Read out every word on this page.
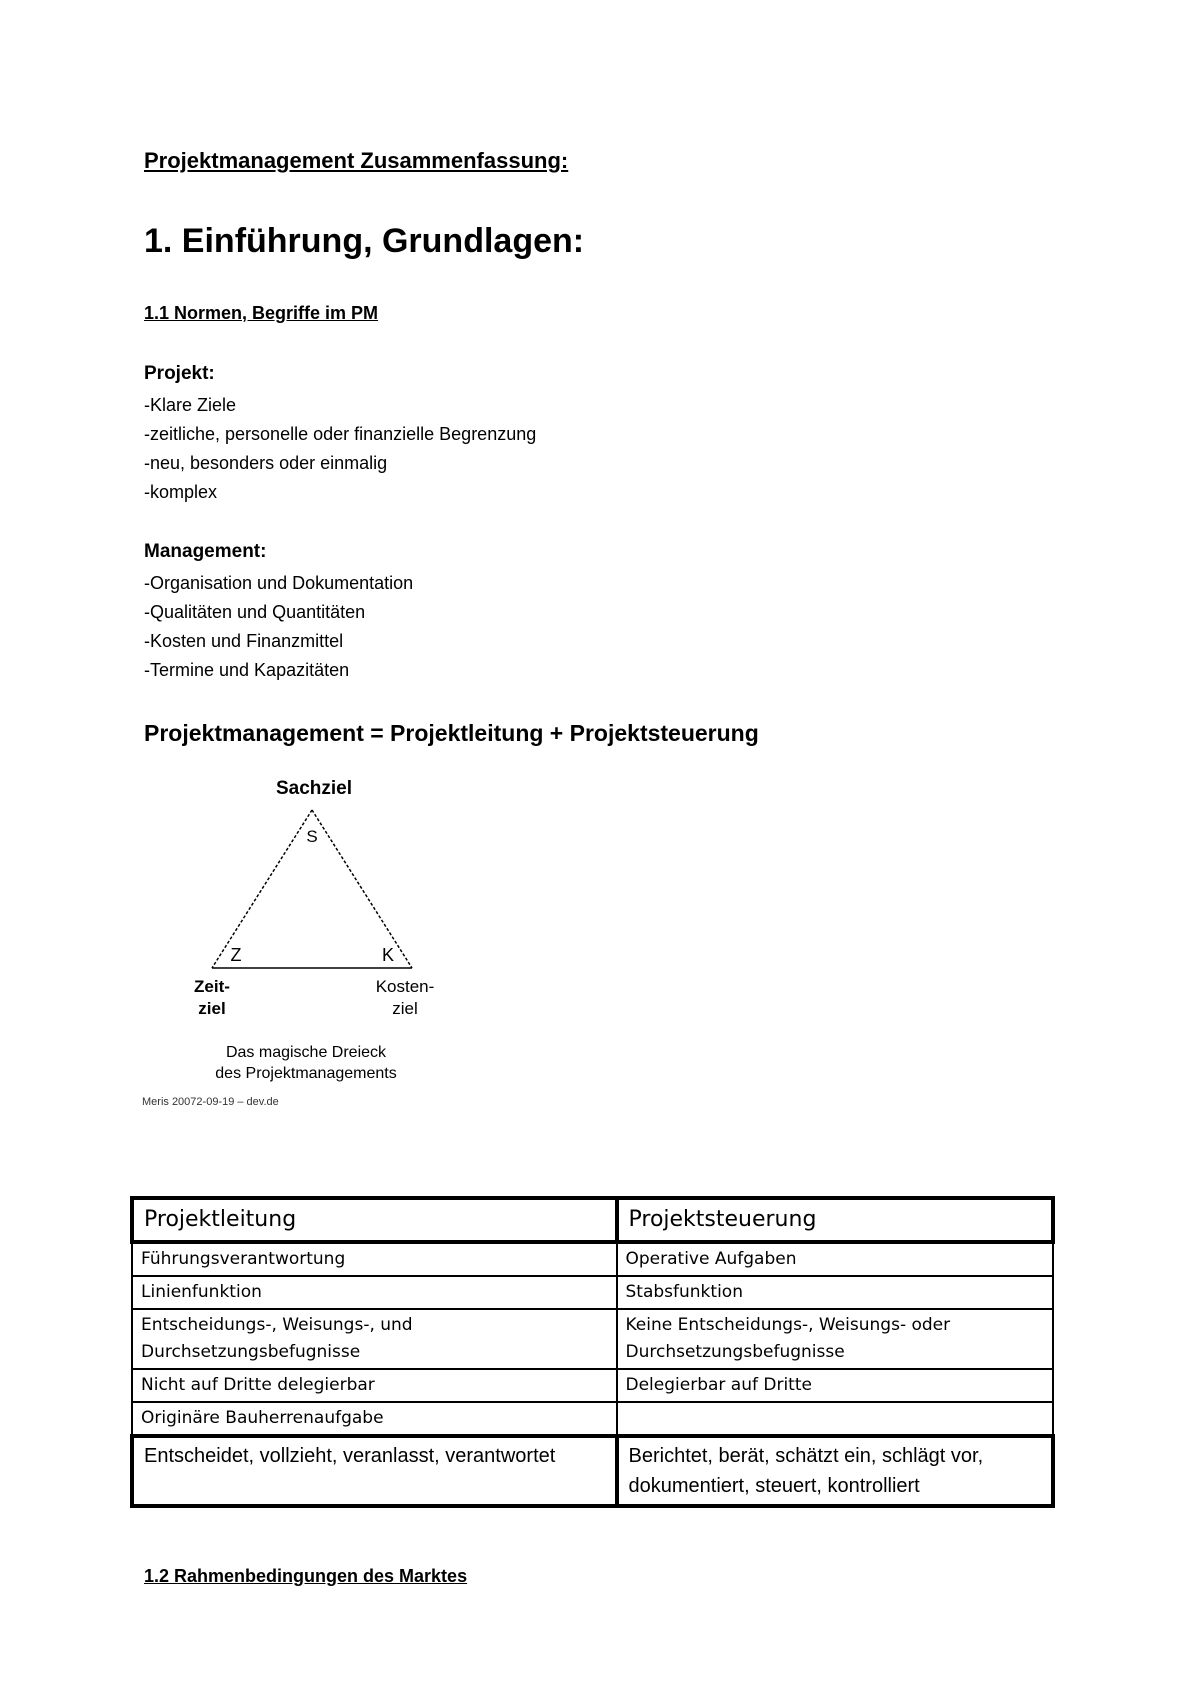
Projektmanagement Zusammenfassung:
1. Einführung, Grundlagen:
1.1 Normen, Begriffe im PM
Projekt:
-Klare Ziele
-zeitliche, personelle oder finanzielle Begrenzung
-neu, besonders oder einmalig
-komplex
Management:
-Organisation und Dokumentation
-Qualitäten und Quantitäten
-Kosten und Finanzmittel
-Termine und Kapazitäten
Projektmanagement = Projektleitung + Projektsteuerung
Sachziel
S
Z	K
Zeit-
ziel
Kosten-
ziel
Das magische Dreieck
des Projektmanagements
Meris 20072-09-19 – dev.de
Projektleitung	Projektsteuerung
Führungsverantwortung	Operative Aufgaben
Linienfunktion	Stabsfunktion
Entscheidungs-, Weisungs-, und Durchsetzungsbefugnisse	Keine Entscheidungs-, Weisungs- oder Durchsetzungsbefugnisse
Nicht auf Dritte delegierbar	Delegierbar auf Dritte
Originäre Bauherrenaufgabe	
Entscheidet, vollzieht, veranlasst, verantwortet	Berichtet, berät, schätzt ein, schlägt vor, dokumentiert, steuert, kontrolliert
1.2 Rahmenbedingungen des Marktes
